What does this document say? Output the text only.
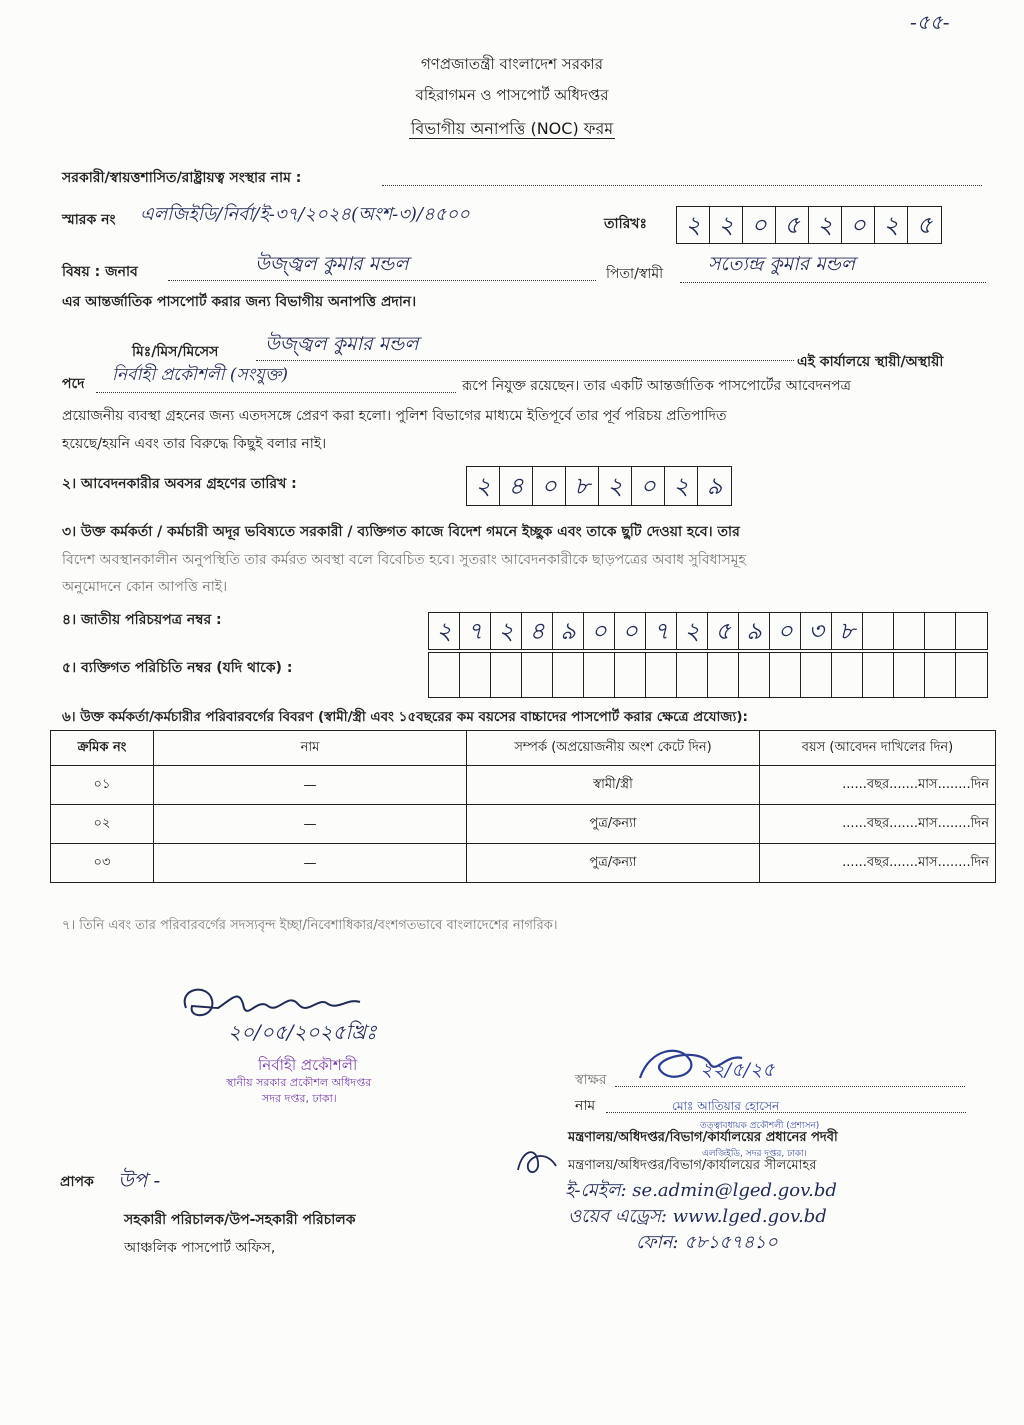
-৫৫-
গণপ্রজাতন্ত্রী বাংলাদেশ সরকার
বহিরাগমন ও পাসপোর্ট অধিদপ্তর
বিভাগীয় অনাপত্তি (NOC) ফরম
সরকারী/স্বায়ত্তশাসিত/রাষ্ট্রায়ত্ব সংস্থার নাম :
স্মারক নং এলজিইডি/নির্বা/ই-৩৭/২০২৪(অংশ-৩)/৪৫০০	তারিখঃ	২ ২ ০ ৫ ২ ০ ২ ৫
বিষয় : জনাব	উজ্জ্বল কুমার মন্ডল	পিতা/স্বামী সত্যেন্দ্র কুমার মন্ডল
এর আন্তর্জাতিক পাসপোর্ট করার জন্য বিভাগীয় অনাপত্তি প্রদান।
মিঃ/মিস/মিসেস উজ্জ্বল কুমার মন্ডল
এই কার্যালয়ে স্থায়ী/অস্থায়ী
পদে নির্বাহী প্রকৌশলী (সংযুক্ত)
রূপে নিযুক্ত রয়েছেন। তার একটি আন্তর্জাতিক পাসপোর্টের আবেদনপত্র
প্রয়োজনীয় ব্যবস্থা গ্রহনের জন্য এতদসঙ্গে প্রেরণ করা হলো। পুলিশ বিভাগের মাধ্যমে ইতিপূর্বে তার পূর্ব পরিচয় প্রতিপাদিত
হয়েছে/হয়নি এবং তার বিরুদ্ধে কিছুই বলার নাই।
২। আবেদনকারীর অবসর গ্রহণের তারিখ :	২ ৪ ০ ৮ ২ ০ ২ ৯
৩। উক্ত কর্মকর্তা / কর্মচারী অদূর ভবিষ্যতে সরকারী / ব্যক্তিগত কাজে বিদেশ গমনে ইচ্ছুক এবং তাকে ছুটি দেওয়া হবে। তার
বিদেশ অবস্থানকালীন অনুপস্থিতি তার কর্মরত অবস্থা বলে বিবেচিত হবে। সুতরাং আবেদনকারীকে ছাড়পত্রের অবাধ সুবিধাসমূহ
অনুমোদনে কোন আপত্তি নাই।
৪। জাতীয় পরিচয়পত্র নম্বর :	২ ৭ ২ ৪ ৯ ০ ০ ৭ ২ ৫ ৯ ০ ৩ ৮
৫। ব্যক্তিগত পরিচিতি নম্বর (যদি থাকে) :
৬। উক্ত কর্মকর্তা/কর্মচারীর পরিবারবর্গের বিবরণ (স্বামী/স্ত্রী এবং ১৫বছরের কম বয়সের বাচ্চাদের পাসপোর্ট করার ক্ষেত্রে প্রযোজ্য):
ক্রমিক নং	নাম	সম্পর্ক (অপ্রয়োজনীয় অংশ কেটে দিন)	বয়স (আবেদন দাখিলের দিন)
০১	—	স্বামী/স্ত্রী	......বছর.......মাস........দিন
০২	—	পুত্র/কন্যা	......বছর.......মাস........দিন
০৩	—	পুত্র/কন্যা	......বছর.......মাস........দিন
৭। তিনি এবং তার পরিবারবর্গের সদস্যবৃন্দ ইচ্ছা/নিবেশাধিকার/বংশগতভাবে বাংলাদেশের নাগরিক।
২০/০৫/২০২৫খ্রিঃ
নির্বাহী প্রকৌশলী
স্থানীয় সরকার প্রকৌশল অধিদপ্তর
সদর দপ্তর, ঢাকা।
স্বাক্ষর	২২/৫/২৫
নাম	মোঃ আতিয়ার হোসেন
তত্ত্বাবধায়ক প্রকৌশলী (প্রশাসন)
মন্ত্রণালয়/অধিদপ্তর/বিভাগ/কার্যালয়ের প্রধানের পদবী
এলজিইডি, সদর দপ্তর, ঢাকা।
মন্ত্রণালয়/অধিদপ্তর/বিভাগ/কার্যালয়ের সীলমোহর
ই-মেইল: se.admin@lged.gov.bd
ওয়েব এড্রেস: www.lged.gov.bd
ফোন: ৫৮১৫৭৪১০
প্রাপক উপ -
সহকারী পরিচালক/উপ-সহকারী পরিচালক
আঞ্চলিক পাসপোর্ট অফিস,
